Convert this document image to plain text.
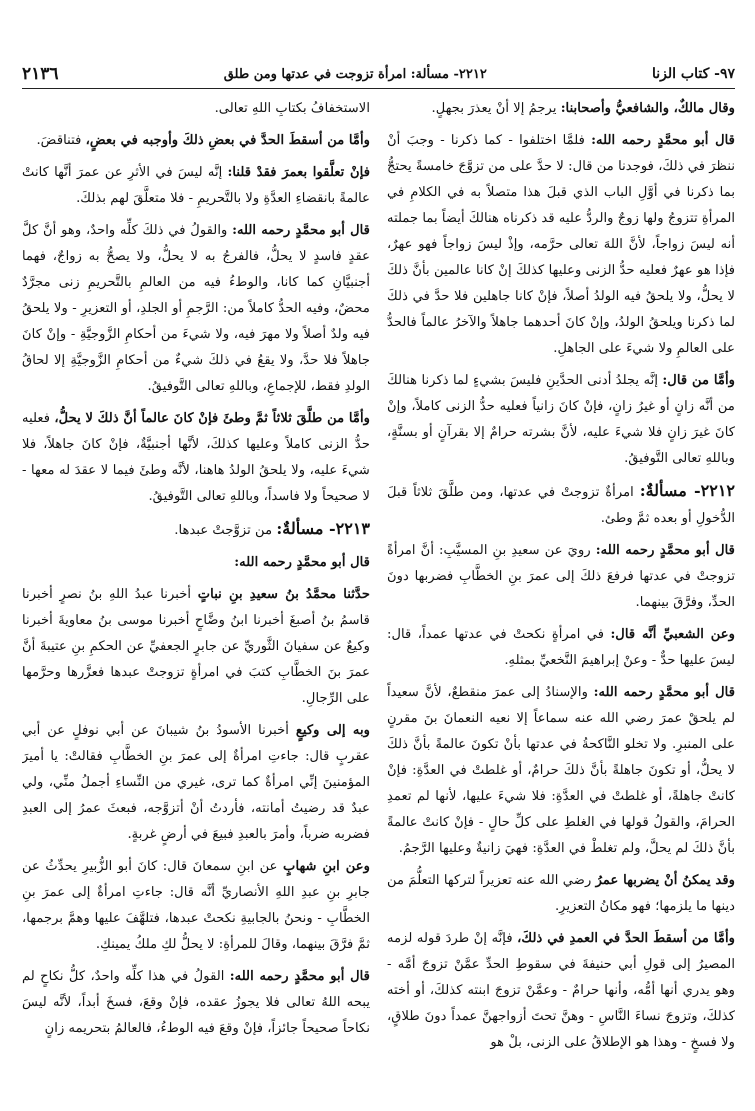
٩٧- كتاب الزنا
٢٢١٢- مسألة: امرأة تزوجت في عدتها ومن طلق
٢١٣٦

وقال مالكٌ، والشافعيُّ وأصحابنا: يرجمُ إلا أنْ يعذرَ بجهلٍ.

قال أبو محمَّدٍ رحمه الله: فلمَّا اختلفوا - كما ذكرنا - وجبَ أنْ ننظرَ في ذلكَ، فوجدنا من قال: لا حدَّ على من تزوَّجَ خامسةً يحتجُّ بما ذكرنا في أوَّلِ الباب الذي قبلَ هذا متصلاً به في الكلامِ في المرأةِ تتزوجُ ولها زوجٌ والردُّ عليه قد ذكرناه هنالكَ أيضاً بما جملته أنه ليسَ زواجاً، لأنَّ اللهَ تعالى حرَّمه، وإذْ ليسَ زواجاً فهو عهرٌ، فإذا هو عهرٌ فعليه حدُّ الزنى وعليها كذلكَ إنْ كانا عالمين بأنَّ ذلكَ لا يحلُّ، ولا يلحقُ فيه الولدُ أصلاً، فإنْ كانا جاهلين فلا حدَّ في ذلكَ لما ذكرنا ويلحقُ الولدُ، وإنْ كانَ أحدهما جاهلاً والآخرُ عالماً فالحدُّ على العالمِ ولا شيءَ على الجاهلِ.

وأمَّا من قال: إنَّه يجلدُ أدنى الحدَّينِ فليسَ بشيءٍ لما ذكرنا هنالكَ من أنَّه زانٍ أو غيرُ زانٍ، فإنْ كانَ زانياً فعليه حدُّ الزنى كاملاً، وإنْ كانَ غيرَ زانٍ فلا شيءَ عليه، لأنَّ بشرته حرامٌ إلا بقرآنٍ أو بسنَّةٍ، وباللهِ تعالى التَّوفيقُ.

٢٢١٢- مسألةٌ: امرأةٌ تزوجتْ في عدتها، ومن طلَّقَ ثلاثاً قبلَ الدُّخولِ أو بعده ثمَّ وطئ.

قال أبو محمَّدٍ رحمه الله: رويَ عن سعيدِ بنِ المسيَّبِ: أنَّ امرأةً تزوجتْ في عدتها فرفعَ ذلكَ إلى عمرَ بنِ الخطَّابِ فضربها دونَ الحدِّ، وفرَّقَ بينهما.

وعن الشعبيِّ أنَّه قال: في امرأةٍ نكحتْ في عدتها عمداً، قال: ليسَ عليها حدٌّ - وعنْ إبراهيمَ النَّخعيِّ بمثلهِ.

قال أبو محمَّدٍ رحمه الله: والإسنادُ إلى عمرَ منقطعٌ، لأنَّ سعيداً لم يلحقْ عمرَ رضي الله عنه سماعاً إلا نعيه النعمانَ بنَ مقرنٍ على المنبرِ. ولا تخلو النَّاكحةُ في عدتها بأنْ تكونَ عالمةً بأنَّ ذلكَ لا يحلُّ، أو تكونَ جاهلةً بأنَّ ذلكَ حرامٌ، أو غلطتْ في العدَّةِ: فإنْ كانتْ جاهلةً، أو غلطتْ في العدَّةِ: فلا شيءَ عليها، لأنها لم تعمدِ الحرامَ، والقولُ قولها في الغلطِ على كلِّ حالٍ - فإنْ كانتْ عالمةً بأنَّ ذلكَ لم يحلَّ، ولم تغلطْ في العدَّةِ: فهيَ زانيةٌ وعليها الرَّجمُ.

وقد يمكنُ أنْ يضربها عمرُ رضي الله عنه تعزيراً لتركها التعلُّمَ من دينها ما يلزمها؛ فهو مكانُ التعزيرِ.

وأمَّا من أسقطَ الحدَّ في العمدِ في ذلكَ، فإنَّه إنْ طردَ قوله لزمه المصيرُ إلى قولِ أبي حنيفةَ في سقوطِ الحدِّ عمَّنْ تزوجَ أمَّه - وهو يدري أنها أمُّه، وأنها حرامٌ - وعمَّنْ تزوجَ ابنته كذلكَ، أو أخته كذلكَ، وتزوجَ نساءَ النَّاسِ - وهنَّ تحتَ أزواجهنَّ عمداً دونَ طلاقٍ، ولا فسخٍ - وهذا هو الإطلاقُ على الزنى، بلْ هو

الاستخفافُ بكتابِ اللهِ تعالى.

وأمَّا من أسقطَ الحدَّ في بعضِ ذلكَ وأوجبه في بعضٍ، فتناقضَ.

فإنْ تعلَّقوا بعمرَ فقدْ قلنا: إنَّه ليسَ في الأثرِ عن عمرَ أنَّها كانتْ عالمةً بانقضاءِ العدَّةِ ولا بالتَّحريمِ - فلا متعلَّقَ لهم بذلكَ.

قال أبو محمَّدٍ رحمه الله: والقولُ في ذلكَ كلِّه واحدٌ، وهو أنَّ كلَّ عقدٍ فاسدٍ لا يحلُّ، فالفرجُ به لا يحلُّ، ولا يصحُّ به زواجٌ، فهما أجنبيَّانِ كما كانا، والوطءُ فيه من العالمِ بالتَّحريمِ زنى مجرَّدٌ محضٌ، وفيه الحدُّ كاملاً من: الرَّجمِ أو الجلدِ، أو التعزيرِ - ولا يلحقُ فيه ولدٌ أصلاً ولا مهرَ فيه، ولا شيءَ من أحكامِ الزَّوجيَّةِ - وإنْ كانَ جاهلاً فلا حدَّ، ولا يقعُ في ذلكَ شيءٌ من أحكامِ الزَّوجيَّةِ إلا لحاقُ الولدِ فقط، للإجماعِ، وباللهِ تعالى التَّوفيقُ.

وأمَّا من طلَّقَ ثلاثاً ثمَّ وطئَ فإنْ كانَ عالماً أنَّ ذلكَ لا يحلُّ، فعليه حدُّ الزنى كاملاً وعليها كذلكَ، لأنَّها أجنبيَّةٌ، فإنْ كانَ جاهلاً، فلا شيءَ عليه، ولا يلحقُ الولدُ هاهنا، لأنَّه وطئَ فيما لا عقدَ له معها - لا صحيحاً ولا فاسداً، وباللهِ تعالى التَّوفيقُ.

٢٢١٣- مسألةٌ: من تزوَّجتْ عبدها.

قال أبو محمَّدٍ رحمه الله:

حدَّثنا محمَّدُ بنُ سعيدِ بنِ نباتٍ أخبرنا عبدُ اللهِ بنُ نصرٍ أخبرنا قاسمُ بنُ أصبغَ أخبرنا ابنُ وضَّاحٍ أخبرنا موسى بنُ معاويةَ أخبرنا وكيعٌ عن سفيانَ الثَّوريِّ عن جابرٍ الجعفيِّ عن الحكمِ بنِ عتيبةَ أنَّ عمرَ بنَ الخطَّابِ كتبَ في امرأةٍ تزوجتْ عبدها فعزَّرها وحرَّمها على الرِّجالِ.

وبه إلى وكيعٍ أخبرنا الأسودُ بنُ شيبانَ عن أبي نوفلٍ عن أبي عقربٍ قال: جاءتِ امرأةٌ إلى عمرَ بنِ الخطَّابِ فقالتْ: يا أميرَ المؤمنينَ إنِّي امرأةٌ كما ترى، غيري من النِّساءِ أجملُ منِّي، ولي عبدٌ قد رضيتُ أمانته، فأردتُ أنْ أتزوَّجه، فبعثَ عمرُ إلى العبدِ فضربه ضرباً، وأمرَ بالعبدِ فبيعَ في أرضٍ غربةٍ.

وعن ابنِ شهابٍ عن ابنِ سمعانَ قال: كانَ أبو الزُّبيرِ يحدِّثُ عن جابرِ بنِ عبدِ اللهِ الأنصاريِّ أنَّه قال: جاءتِ امرأةٌ إلى عمرَ بنِ الخطَّابِ - ونحنُ بالجابيةِ نكحتْ عبدها، فتلهَّفَ عليها وهمَّ برجمها، ثمَّ فرَّقَ بينهما، وقالَ للمرأةِ: لا يحلُّ لكِ ملكُ يمينكِ.

قال أبو محمَّدٍ رحمه الله: القولُ في هذا كلِّه واحدٌ، كلُّ نكاحٍ لم يبحه اللهُ تعالى فلا يجوزُ عقده، فإنْ وقعَ، فسخَ أبداً، لأنَّه ليسَ نكاحاً صحيحاً جائزاً، فإنْ وقعَ فيه الوطءُ، فالعالمُ بتحريمه زانٍ
